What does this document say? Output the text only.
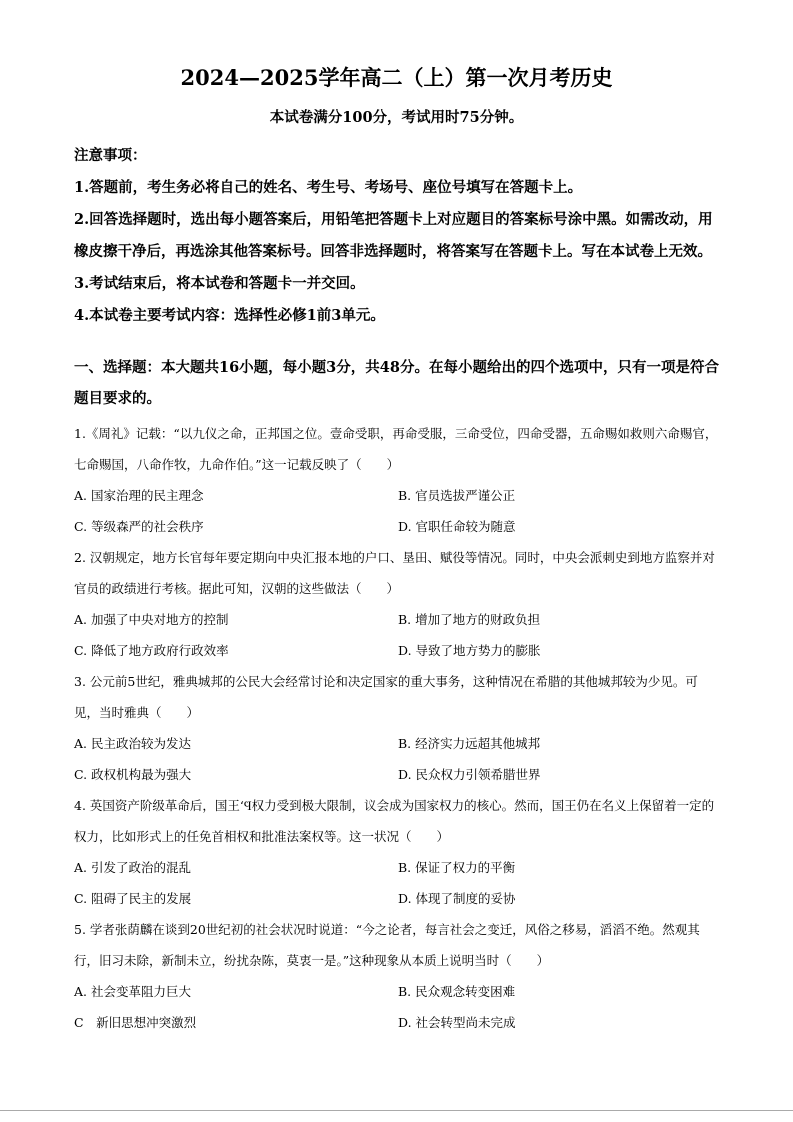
2024—2025学年高二（上）第一次月考历史
本试卷满分100分，考试用时75分钟。

注意事项：

1.答题前，考生务必将自己的姓名、考生号、考场号、座位号填写在答题卡上。

2.回答选择题时，选出每小题答案后，用铅笔把答题卡上对应题目的答案标号涂中黑。如需改动，用橡皮擦干净后，再选涂其他答案标号。回答非选择题时，将答案写在答题卡上。写在本试卷上无效。

3.考试结束后，将本试卷和答题卡一并交回。

4.本试卷主要考试内容：选择性必修1前3单元。

一、选择题：本大题共16小题，每小题3分，共48分。在每小题给出的四个选项中，只有一项是符合题目要求的。

1.《周礼》记载：“以九仪之命，正邦国之位。壹命受职，再命受服，三命受位，四命受器，五命赐如救则六命赐官，七命赐国，八命作牧，九命作伯。”这一记载反映了（　　）

A. 国家治理的民主理念	B. 官员选拔严谨公正
C. 等级森严的社会秩序	D. 官职任命较为随意

2. 汉朝规定，地方长官每年要定期向中央汇报本地的户口、垦田、赋役等情况。同时，中央会派刺史到地方监察并对官员的政绩进行考核。据此可知，汉朝的这些做法（　　）

A. 加强了中央对地方的控制	B. 增加了地方的财政负担
C. 降低了地方政府行政效率	D. 导致了地方势力的膨胀

3. 公元前5世纪，雅典城邦的公民大会经常讨论和决定国家的重大事务，这种情况在希腊的其他城邦较为少见。可见，当时雅典（　　）

A. 民主政治较为发达	B. 经济实力远超其他城邦
C. 政权机构最为强大	D. 民众权力引领希腊世界

4. 英国资产阶级革命后，国王‘Ϥ权力受到极大限制，议会成为国家权力的核心。然而，国王仍在名义上保留着一定的权力，比如形式上的任免首相权和批准法案权等。这一状况（　　）

A. 引发了政治的混乱	B. 保证了权力的平衡
C. 阻碍了民主的发展	D. 体现了制度的妥协

5. 学者张荫麟在谈到20世纪初的社会状况时说道：“今之论者，每言社会之变迁，风俗之移易，滔滔不绝。然观其行，旧习未除，新制未立，纷扰杂陈，莫衷一是。”这种现象从本质上说明当时（　　）

A. 社会变革阻力巨大	B. 民众观念转变困难
C　新旧思想冲突激烈	D. 社会转型尚未完成
